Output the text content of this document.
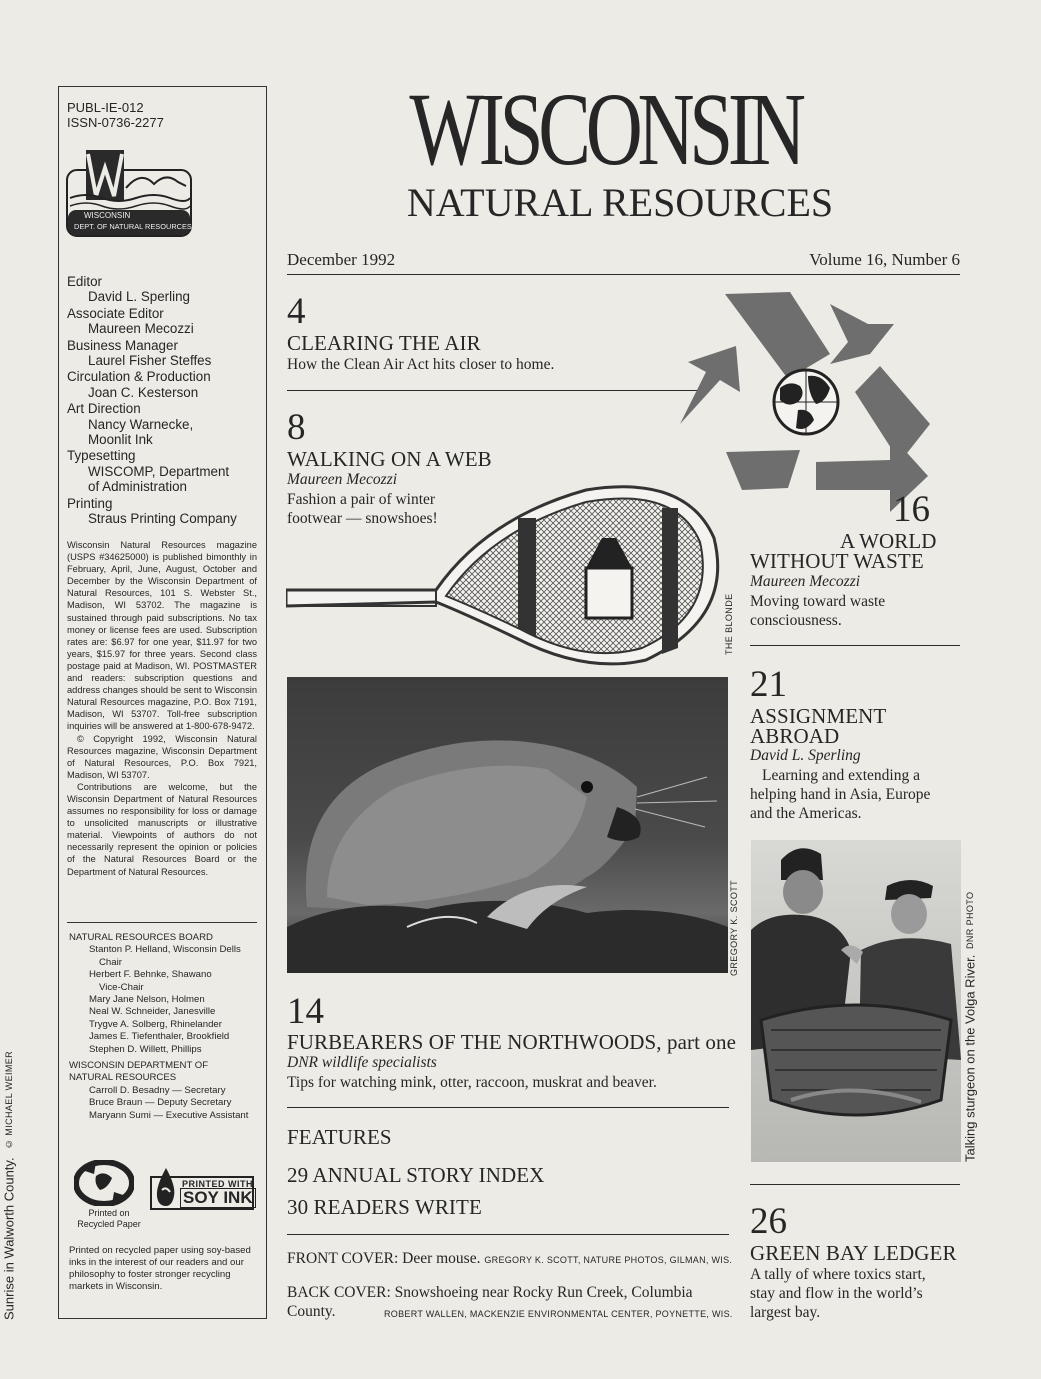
PUBL-IE-012
ISSN-0736-2277
WISCONSIN
DEPT. OF NATURAL RESOURCES
Editor
David L. Sperling
Associate Editor
Maureen Mecozzi
Business Manager
Laurel Fisher Steffes
Circulation & Production
Joan C. Kesterson
Art Direction
Nancy Warnecke,
Moonlit Ink
Typesetting
WISCOMP, Department
of Administration
Printing
Straus Printing Company

Wisconsin Natural Resources magazine (USPS #34625000) is published bimonthly in February, April, June, August, October and December by the Wisconsin Department of Natural Resources, 101 S. Webster St., Madison, WI 53702. The magazine is sustained through paid subscriptions. No tax money or license fees are used. Subscription rates are: $6.97 for one year, $11.97 for two years, $15.97 for three years. Second class postage paid at Madison, WI. POSTMASTER and readers: subscription questions and address changes should be sent to Wisconsin Natural Resources magazine, P.O. Box 7191, Madison, WI 53707. Toll-free subscription inquiries will be answered at 1-800-678-9472.

© Copyright 1992, Wisconsin Natural Resources magazine, Wisconsin Department of Natural Resources, P.O. Box 7921, Madison, WI 53707.

Contributions are welcome, but the Wisconsin Department of Natural Resources assumes no responsibility for loss or damage to unsolicited manuscripts or illustrative material. Viewpoints of authors do not necessarily represent the opinion or policies of the Natural Resources Board or the Department of Natural Resources.

NATURAL RESOURCES BOARD
Stanton P. Helland, Wisconsin Dells
Chair
Herbert F. Behnke, Shawano
Vice-Chair
Mary Jane Nelson, Holmen
Neal W. Schneider, Janesville
Trygve A. Solberg, Rhinelander
James E. Tiefenthaler, Brookfield
Stephen D. Willett, Phillips
WISCONSIN DEPARTMENT OF
NATURAL RESOURCES
Carroll D. Besadny — Secretary
Bruce Braun — Deputy Secretary
Maryann Sumi — Executive Assistant
Printed on
Recycled Paper
PRINTED WITH
SOY INK
Printed on recycled paper using soy-based inks in the interest of our readers and our philosophy to foster stronger recycling markets in Wisconsin.
Sunrise in Walworth County.
© MICHAEL WEIMER
WISCONSIN
NATURAL RESOURCES
December 1992	Volume 16, Number 6
4
CLEARING THE AIR
How the Clean Air Act hits closer to home.
8
WALKING ON A WEB
Maureen Mecozzi
Fashion a pair of winter
footwear — snowshoes!
THE BLONDE
16
A WORLD
WITHOUT WASTE
Maureen Mecozzi
Moving toward waste
consciousness.
21
ASSIGNMENT
ABROAD
David L. Sperling
Learning and extending a
helping hand in Asia, Europe
and the Americas.
GREGORY K. SCOTT
Talking sturgeon on the Volga River.
DNR PHOTO
14
FURBEARERS OF THE NORTHWOODS, part one
DNR wildlife specialists
Tips for watching mink, otter, raccoon, muskrat and beaver.
FEATURES
29 ANNUAL STORY INDEX
30 READERS WRITE
FRONT COVER: Deer mouse. GREGORY K. SCOTT, NATURE PHOTOS, GILMAN, WIS.
BACK COVER: Snowshoeing near Rocky Run Creek, Columbia
County.	ROBERT WALLEN, MACKENZIE ENVIRONMENTAL CENTER, POYNETTE, WIS.
26
GREEN BAY LEDGER
A tally of where toxics start,
stay and flow in the world’s
largest bay.
